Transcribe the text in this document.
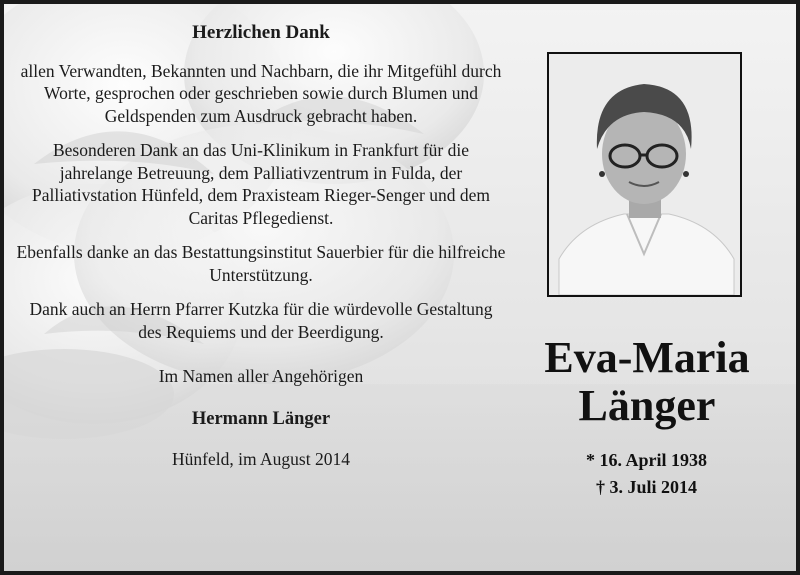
Herzlichen Dank

allen Verwandten, Bekannten und Nachbarn, die ihr Mitgefühl durch Worte, gesprochen oder geschrieben sowie durch Blumen und Geldspenden zum Ausdruck gebracht haben.

Besonderen Dank an das Uni-Klinikum in Frankfurt für die jahrelange Betreuung, dem Palliativzentrum in Fulda, der Palliativstation Hünfeld, dem Praxisteam Rieger-Senger und dem Caritas Pflegedienst.

Ebenfalls danke an das Bestattungsinstitut Sauerbier für die hilfreiche Unterstützung.

Dank auch an Herrn Pfarrer Kutzka für die würdevolle Gestaltung des Requiems und der Beerdigung.

Im Namen aller Angehörigen

Hermann Länger
Hünfeld, im August 2014
Eva-Maria
Länger
* 16. April 1938
† 3. Juli 2014
